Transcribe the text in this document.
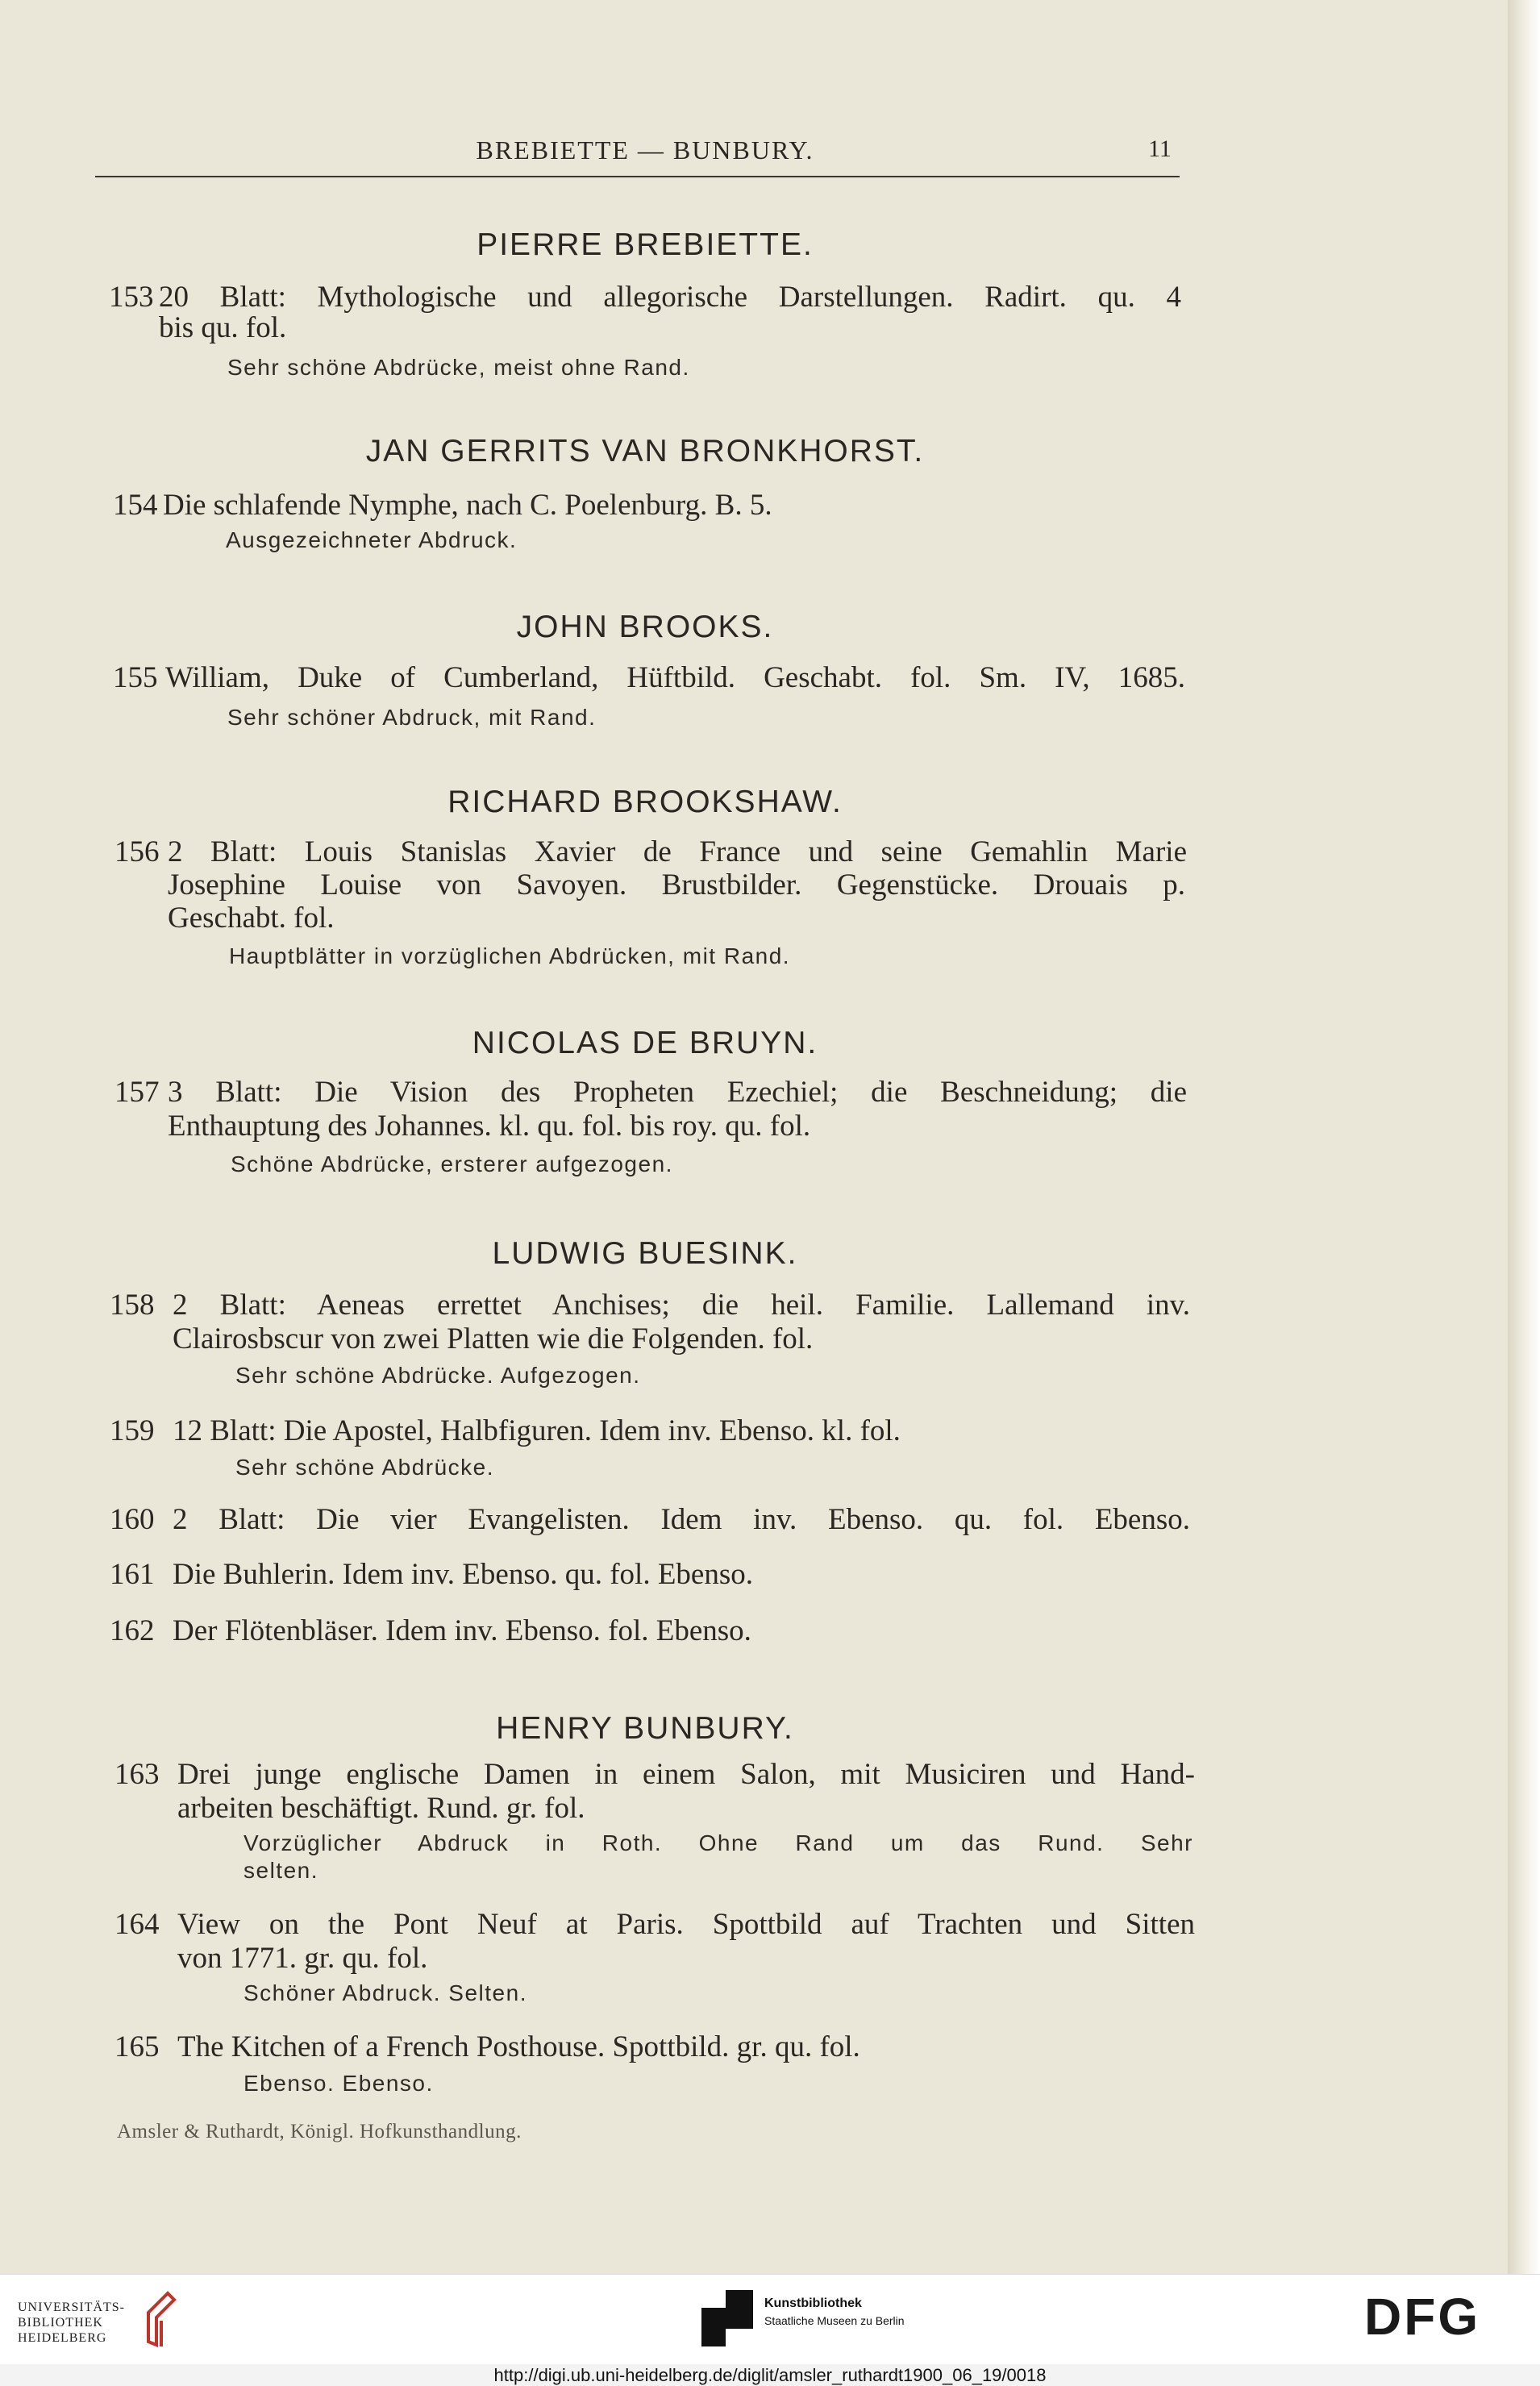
BREBIETTE — BUNBURY.	11
PIERRE BREBIETTE.
153 20 Blatt: Mythologische und allegorische Darstellungen. Radirt. qu. 4
bis qu. fol.
Sehr schöne Abdrücke, meist ohne Rand.
JAN GERRITS VAN BRONKHORST.
154 Die schlafende Nymphe, nach C. Poelenburg. B. 5.
Ausgezeichneter Abdruck.
JOHN BROOKS.
155 William, Duke of Cumberland, Hüftbild. Geschabt. fol. Sm. IV, 1685.
Sehr schöner Abdruck, mit Rand.
RICHARD BROOKSHAW.
156 2 Blatt: Louis Stanislas Xavier de France und seine Gemahlin Marie
Josephine Louise von Savoyen. Brustbilder. Gegenstücke. Drouais p.
Geschabt. fol.
Hauptblätter in vorzüglichen Abdrücken, mit Rand.
NICOLAS DE BRUYN.
157 3 Blatt: Die Vision des Propheten Ezechiel; die Beschneidung; die
Enthauptung des Johannes. kl. qu. fol. bis roy. qu. fol.
Schöne Abdrücke, ersterer aufgezogen.
LUDWIG BUESINK.
158 2 Blatt: Aeneas errettet Anchises; die heil. Familie. Lallemand inv.
Clairosbscur von zwei Platten wie die Folgenden. fol.
Sehr schöne Abdrücke. Aufgezogen.
159 12 Blatt: Die Apostel, Halbfiguren. Idem inv. Ebenso. kl. fol.
Sehr schöne Abdrücke.
160 2 Blatt: Die vier Evangelisten. Idem inv. Ebenso. qu. fol. Ebenso.
161 Die Buhlerin. Idem inv. Ebenso. qu. fol. Ebenso.
162 Der Flötenbläser. Idem inv. Ebenso. fol. Ebenso.
HENRY BUNBURY.
163 Drei junge englische Damen in einem Salon, mit Musiciren und Hand-
arbeiten beschäftigt. Rund. gr. fol.
Vorzüglicher Abdruck in Roth. Ohne Rand um das Rund. Sehr
selten.
164 View on the Pont Neuf at Paris. Spottbild auf Trachten und Sitten
von 1771. gr. qu. fol.
Schöner Abdruck. Selten.
165 The Kitchen of a French Posthouse. Spottbild. gr. qu. fol.
Ebenso. Ebenso.
Amsler & Ruthardt, Königl. Hofkunsthandlung.
UNIVERSITÄTS-
BIBLIOTHEK
HEIDELBERG
Kunstbibliothek
Staatliche Museen zu Berlin	DFG
http://digi.ub.uni-heidelberg.de/diglit/amsler_ruthardt1900_06_19/0018
